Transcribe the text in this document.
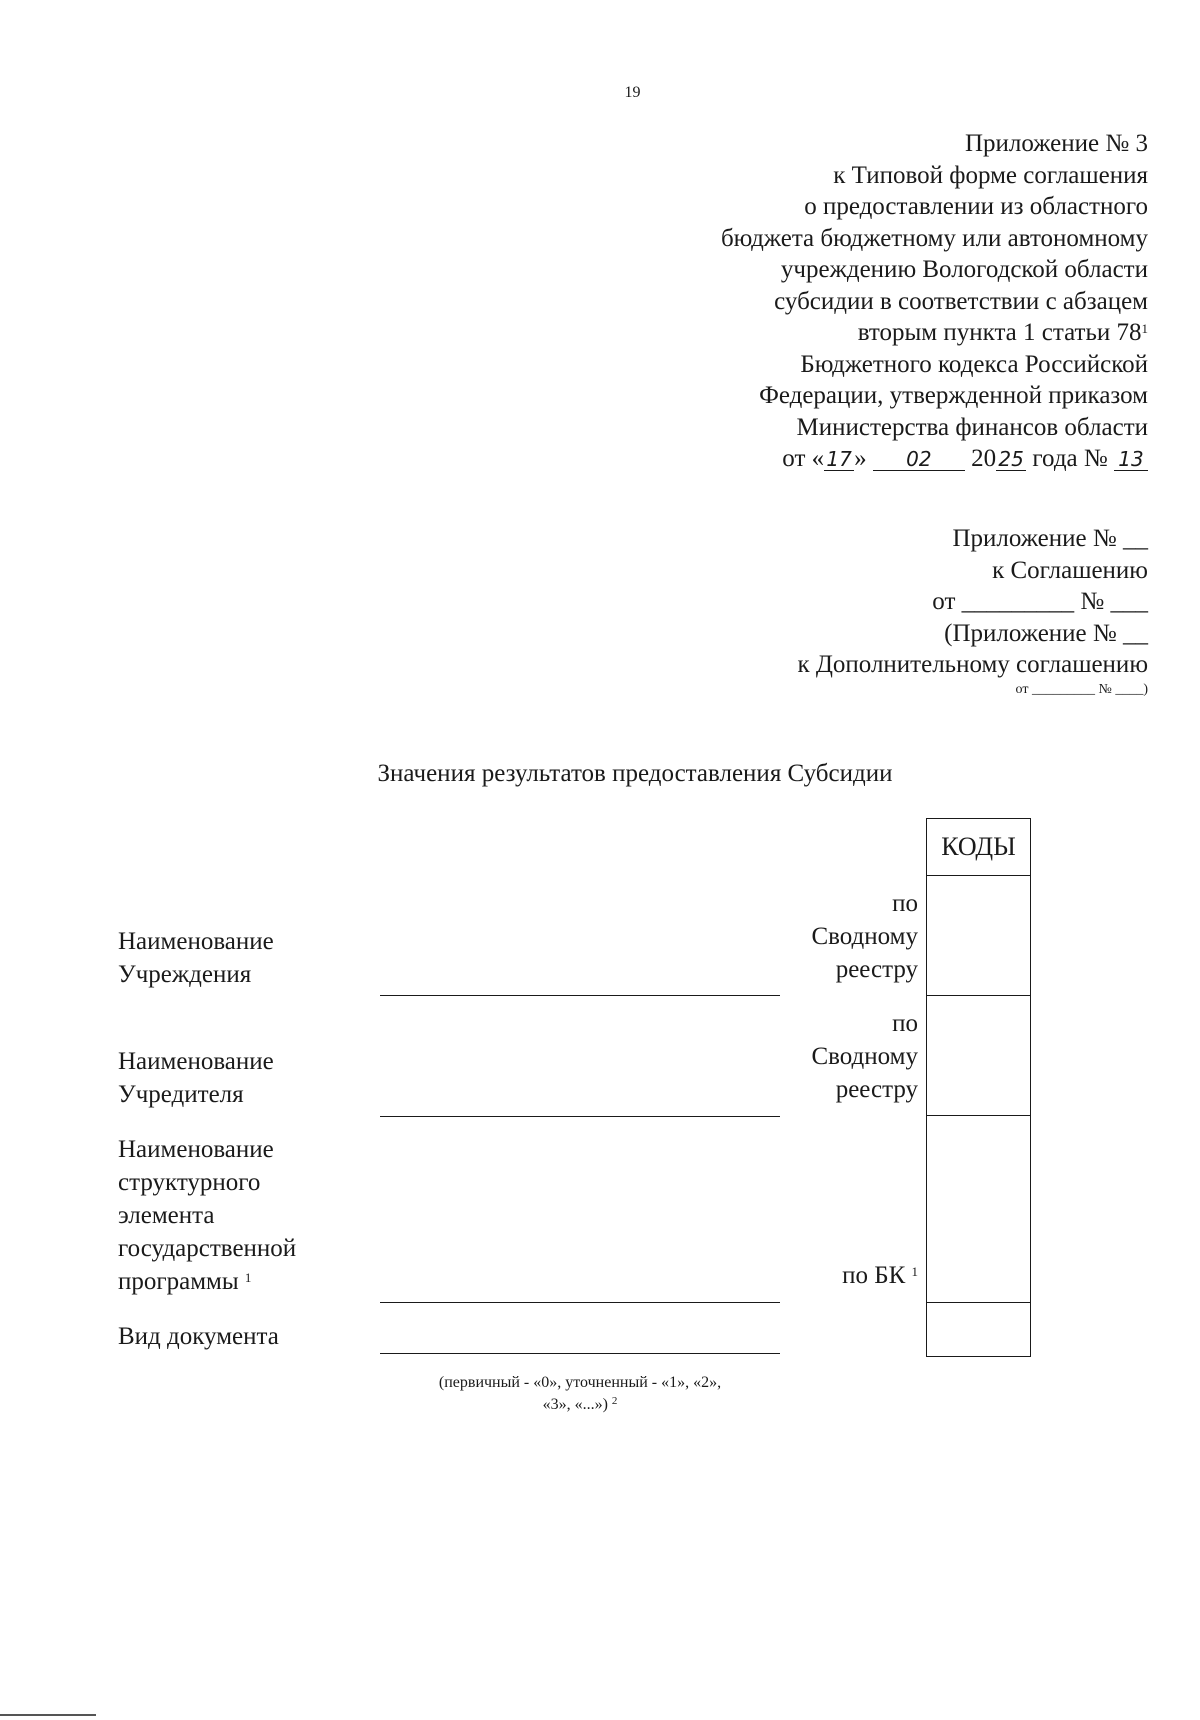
19
Приложение № 3
к Типовой форме соглашения
о предоставлении из областного
бюджета бюджетному или автономному
учреждению Вологодской области
субсидии в соответствии с абзацем
вторым пункта 1 статьи $78^1$
Бюджетного кодекса Российской
Федерации, утвержденной приказом
Министерства финансов области
от « 17» 02 20 25 года № 13
Приложение № __
к Соглашению
от _________ № ___
(Приложение № __
к Дополнительному соглашению
от _________ № ____)
Значения результатов предоставления Субсидии
Наименование
Учреждения
Наименование
Учредителя
Наименование
структурного
элемента
государственной
программы $^1$
Вид документа
по
Сводному
реестру
по
Сводному
реестру
по БК $^1$
КОДЫ
(первичный - «0», уточненный - «1», «2»,
«3», «...») $^2$
